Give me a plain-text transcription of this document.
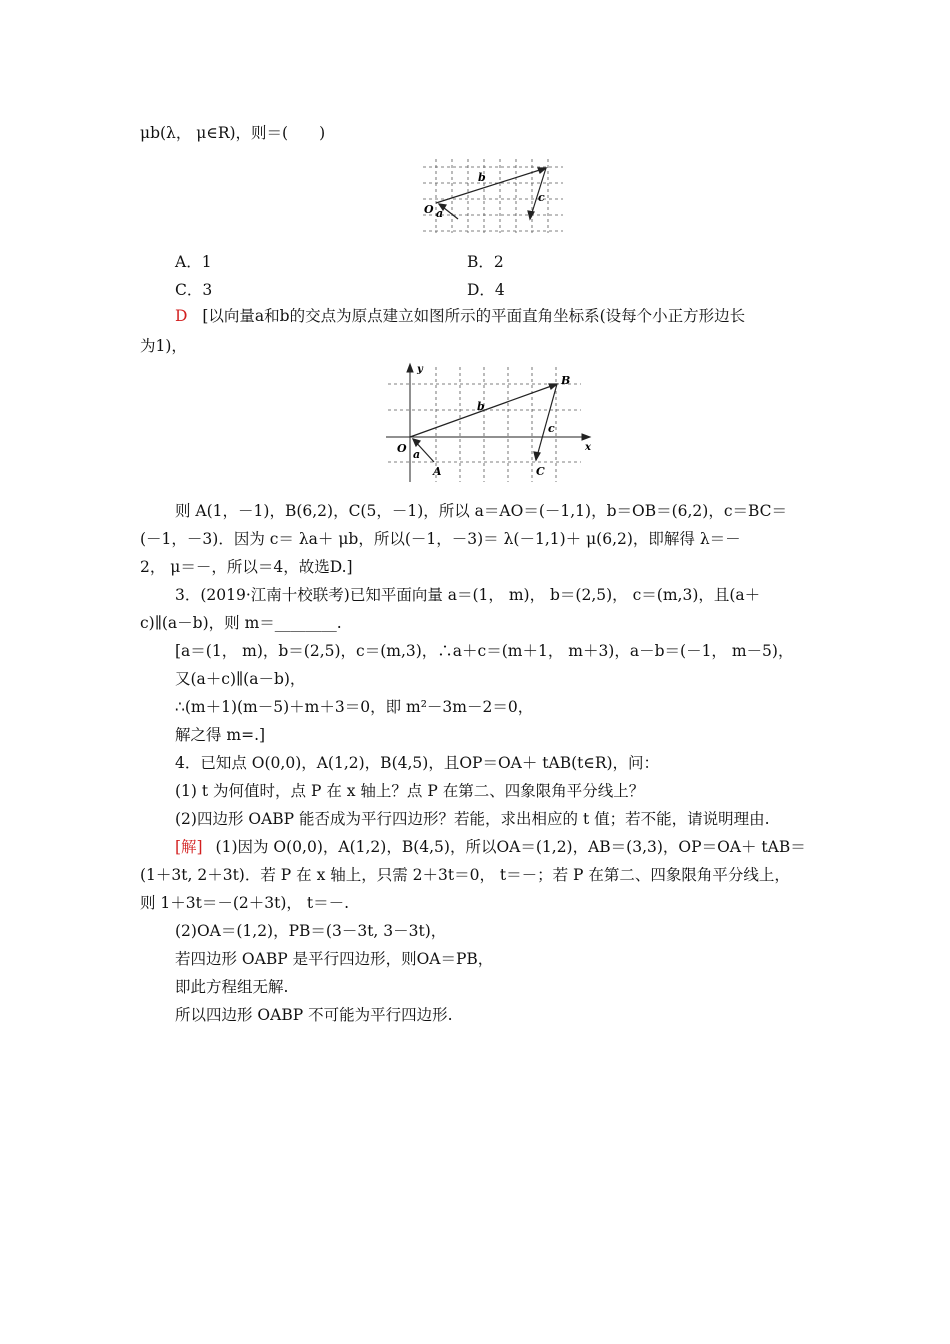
μb(λ， μ∈R)，则＝(　　)
b
c
O a
A．1	B．2
C．3	D．4
D [以向量a和b的交点为原点建立如图所示的平面直角坐标系(设每个小正方形边长
为1)，
y
x
B
b
c
O a
A	C
则 A(1，－1)，B(6,2)，C(5，－1)，所以 a＝AO＝(－1,1)，b＝OB＝(6,2)，c＝BC＝
(－1，－3)．因为 c＝ λa＋ μb，所以(－1，－3)＝ λ(－1,1)＋ μ(6,2)，即解得 λ＝－
2， μ＝－，所以＝4，故选D.]
3．(2019·江南十校联考)已知平面向量 a＝(1， m)， b＝(2,5)， c＝(m,3)，且(a＋
c)∥(a－b)，则 m＝________.
[a＝(1， m)，b＝(2,5)，c＝(m,3)，∴a＋c＝(m＋1， m＋3)，a－b＝(－1， m－5)，
又(a＋c)∥(a－b)，
∴(m＋1)(m－5)＋m＋3＝0，即 m²－3m－2＝0，
解之得 m=.]
4．已知点 O(0,0)，A(1,2)，B(4,5)，且OP＝OA＋ tAB(t∈R)，问：
(1) t 为何值时，点 P 在 x 轴上？点 P 在第二、四象限角平分线上？
(2)四边形 OABP 能否成为平行四边形？若能，求出相应的 t 值；若不能，请说明理由.
[解] (1)因为 O(0,0)，A(1,2)，B(4,5)，所以OA＝(1,2)，AB＝(3,3)，OP＝OA＋ tAB＝
(1＋3t, 2＋3t)．若 P 在 x 轴上，只需 2＋3t＝0， t＝－；若 P 在第二、四象限角平分线上，
则 1＋3t＝－(2＋3t)， t＝－.
(2)OA＝(1,2)，PB＝(3－3t, 3－3t)，
若四边形 OABP 是平行四边形，则OA＝PB，
即此方程组无解.
所以四边形 OABP 不可能为平行四边形.
